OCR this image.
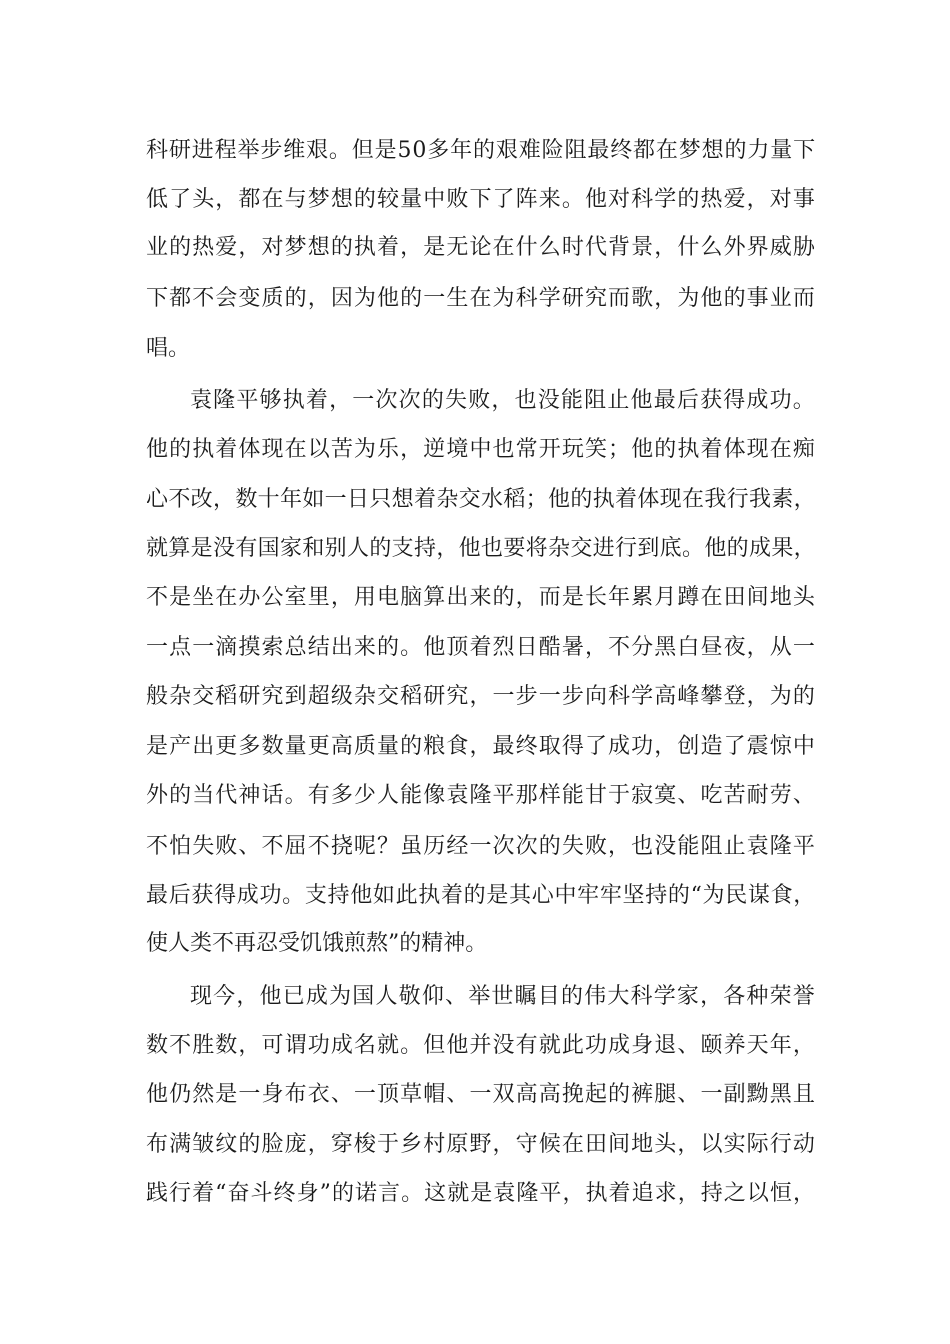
科研进程举步维艰。但是50多年的艰难险阻最终都在梦想的力量下
低了头，都在与梦想的较量中败下了阵来。他对科学的热爱，对事
业的热爱，对梦想的执着，是无论在什么时代背景，什么外界威胁
下都不会变质的，因为他的一生在为科学研究而歌，为他的事业而
唱。
袁隆平够执着，一次次的失败，也没能阻止他最后获得成功。
他的执着体现在以苦为乐，逆境中也常开玩笑；他的执着体现在痴
心不改，数十年如一日只想着杂交水稻；他的执着体现在我行我素，
就算是没有国家和别人的支持，他也要将杂交进行到底。他的成果，
不是坐在办公室里，用电脑算出来的，而是长年累月蹲在田间地头
一点一滴摸索总结出来的。他顶着烈日酷暑，不分黑白昼夜，从一
般杂交稻研究到超级杂交稻研究，一步一步向科学高峰攀登，为的
是产出更多数量更高质量的粮食，最终取得了成功，创造了震惊中
外的当代神话。有多少人能像袁隆平那样能甘于寂寞、吃苦耐劳、
不怕失败、不屈不挠呢？虽历经一次次的失败，也没能阻止袁隆平
最后获得成功。支持他如此执着的是其心中牢牢坚持的“为民谋食，
使人类不再忍受饥饿煎熬”的精神。
现今，他已成为国人敬仰、举世瞩目的伟大科学家，各种荣誉
数不胜数，可谓功成名就。但他并没有就此功成身退、颐养天年，
他仍然是一身布衣、一顶草帽、一双高高挽起的裤腿、一副黝黑且
布满皱纹的脸庞，穿梭于乡村原野，守候在田间地头，以实际行动
践行着“奋斗终身”的诺言。这就是袁隆平，执着追求，持之以恒，
